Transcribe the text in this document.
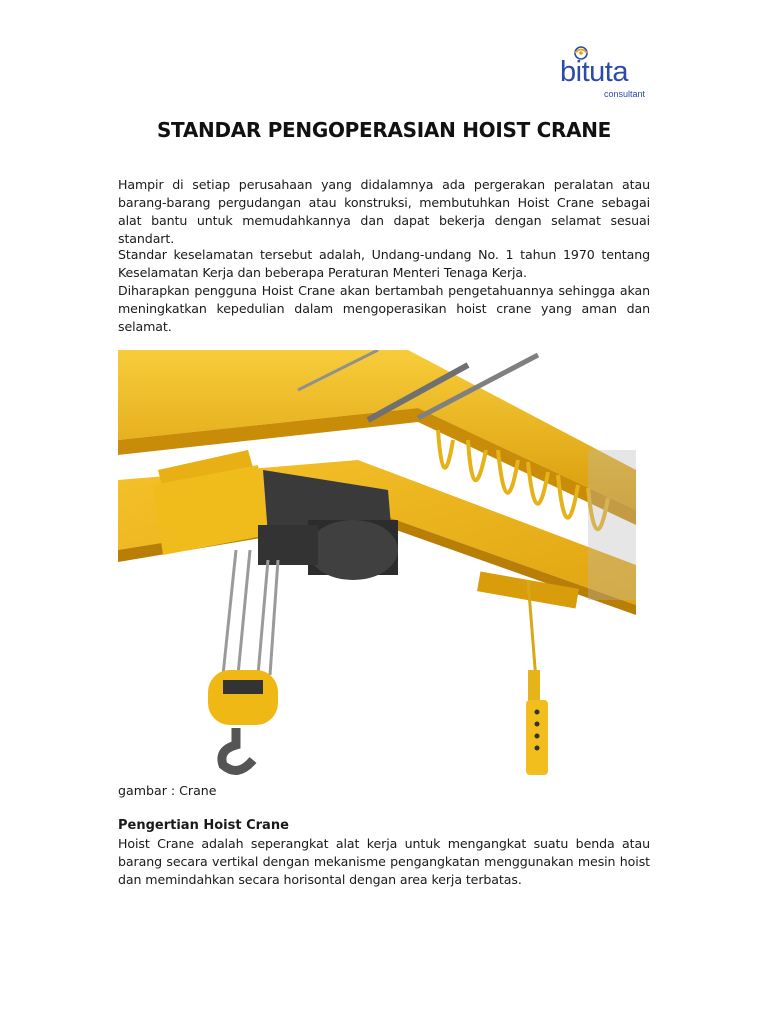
bituta
consultant
STANDAR PENGOPERASIAN HOIST CRANE

Hampir di setiap perusahaan yang didalamnya ada pergerakan peralatan atau barang-barang pergudangan atau konstruksi, membutuhkan Hoist Crane sebagai alat bantu untuk memudahkannya dan dapat bekerja dengan selamat sesuai standart.

Standar keselamatan tersebut adalah, Undang-undang No. 1 tahun 1970 tentang Keselamatan Kerja dan beberapa Peraturan Menteri Tenaga Kerja.

Diharapkan pengguna Hoist Crane akan bertambah pengetahuannya sehingga akan meningkatkan kepedulian dalam mengoperasikan hoist crane yang aman dan selamat.

gambar : Crane

Pengertian Hoist Crane

Hoist Crane adalah seperangkat alat kerja untuk mengangkat suatu benda atau barang secara vertikal dengan mekanisme pengangkatan menggunakan mesin hoist dan memindahkan secara horisontal dengan area kerja terbatas.
